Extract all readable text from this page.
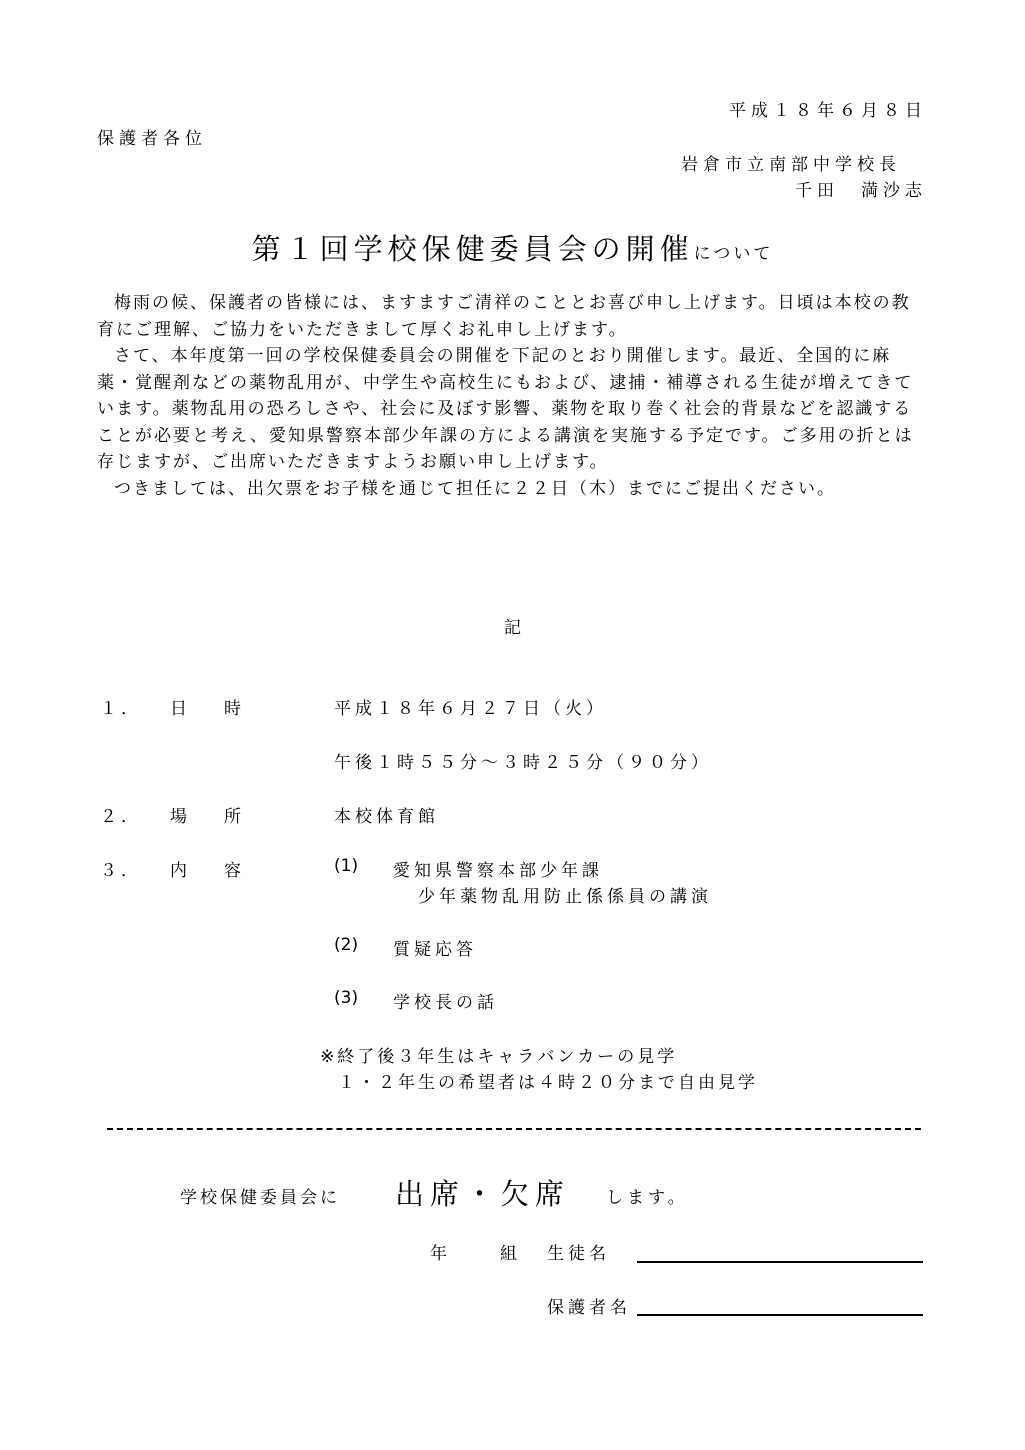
平成１８年６月８日
保護者各位
岩倉市立南部中学校長
千田　満沙志
第１回学校保健委員会の開催について

梅雨の候、保護者の皆様には、ますますご清祥のこととお喜び申し上げます。日頃は本校の教育にご理解、ご協力をいただきまして厚くお礼申し上げます。

さて、本年度第一回の学校保健委員会の開催を下記のとおり開催します。最近、全国的に麻薬・覚醒剤などの薬物乱用が、中学生や高校生にもおよび、逮捕・補導される生徒が増えてきています。薬物乱用の恐ろしさや、社会に及ぼす影響、薬物を取り巻く社会的背景などを認識することが必要と考え、愛知県警察本部少年課の方による講演を実施する予定です。ご多用の折とは存じますが、ご出席いただきますようお願い申し上げます。

つきましては、出欠票をお子様を通じて担任に２２日（木）までにご提出ください。

記
１． 日　時	平成１８年６月２７日（火）
午後１時５５分～３時２５分（９０分）
２． 場　所	本校体育館
３． 内　容	(1) 愛知県警察本部少年課
少年薬物乱用防止係係員の講演
(2) 質疑応答
(3) 学校長の話
※終了後３年生はキャラバンカーの見学
１・２年生の希望者は４時２０分まで自由見学
学校保健委員会に 出席・欠席 します。
年	組 生徒名
保護者名
